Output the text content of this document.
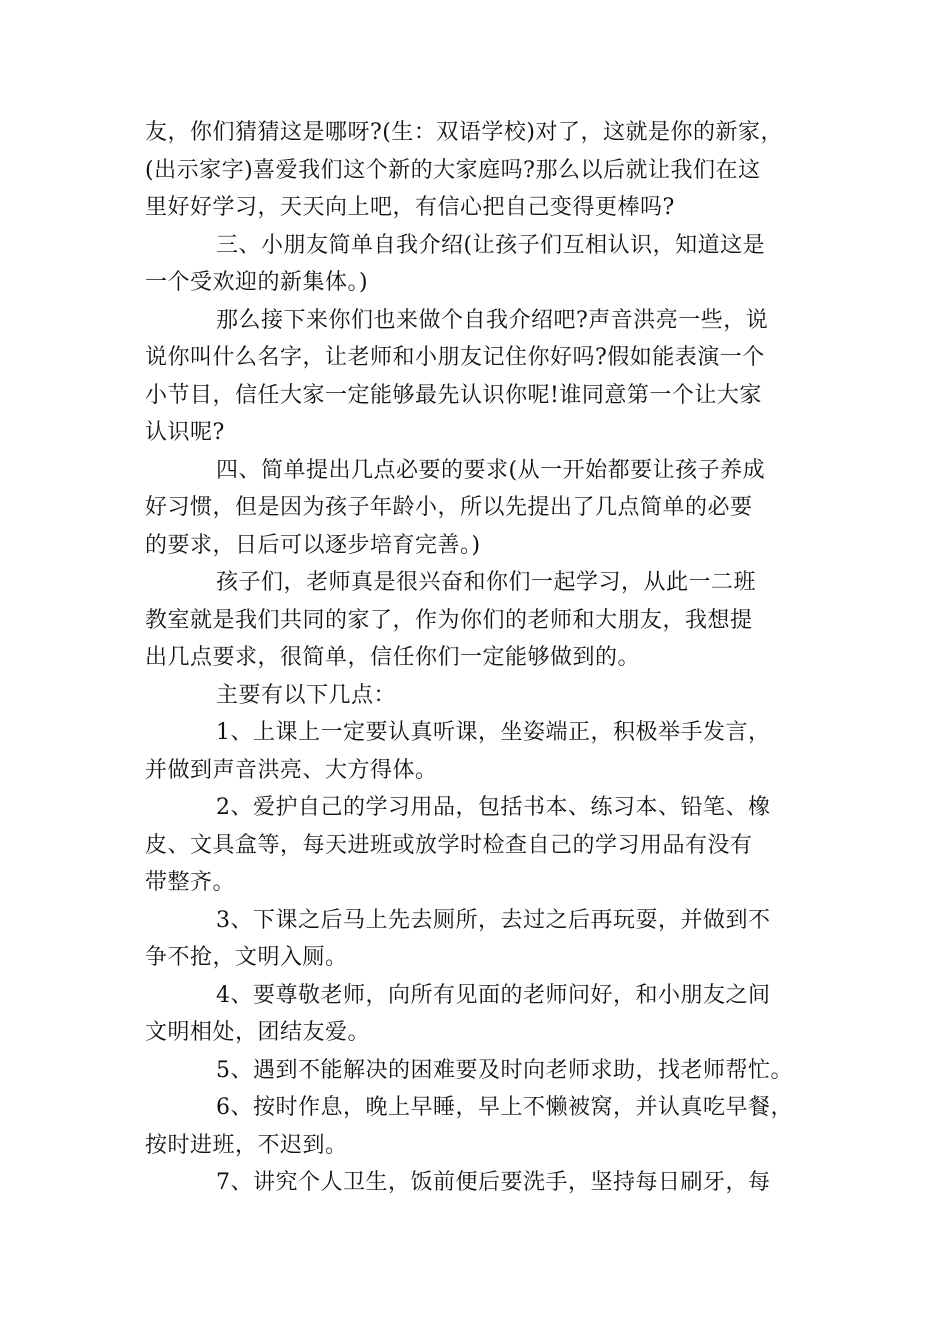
友，你们猜猜这是哪呀?(生：双语学校)对了，这就是你的新家，
(出示家字)喜爱我们这个新的大家庭吗?那么以后就让我们在这
里好好学习，天天向上吧，有信心把自己变得更棒吗?
三、小朋友简单自我介绍(让孩子们互相认识，知道这是
一个受欢迎的新集体。)
那么接下来你们也来做个自我介绍吧?声音洪亮一些，说
说你叫什么名字，让老师和小朋友记住你好吗?假如能表演一个
小节目，信任大家一定能够最先认识你呢!谁同意第一个让大家
认识呢?
四、简单提出几点必要的要求(从一开始都要让孩子养成
好习惯，但是因为孩子年龄小，所以先提出了几点简单的必要
的要求，日后可以逐步培育完善。)
孩子们，老师真是很兴奋和你们一起学习，从此一二班
教室就是我们共同的家了，作为你们的老师和大朋友，我想提
出几点要求，很简单，信任你们一定能够做到的。
主要有以下几点：
1、上课上一定要认真听课，坐姿端正，积极举手发言，
并做到声音洪亮、大方得体。
2、爱护自己的学习用品，包括书本、练习本、铅笔、橡
皮、文具盒等，每天进班或放学时检查自己的学习用品有没有
带整齐。
3、下课之后马上先去厕所，去过之后再玩耍，并做到不
争不抢，文明入厕。
4、要尊敬老师，向所有见面的老师问好，和小朋友之间
文明相处，团结友爱。
5、遇到不能解决的困难要及时向老师求助，找老师帮忙。
6、按时作息，晚上早睡，早上不懒被窝，并认真吃早餐，
按时进班，不迟到。
7、讲究个人卫生，饭前便后要洗手，坚持每日刷牙，每
